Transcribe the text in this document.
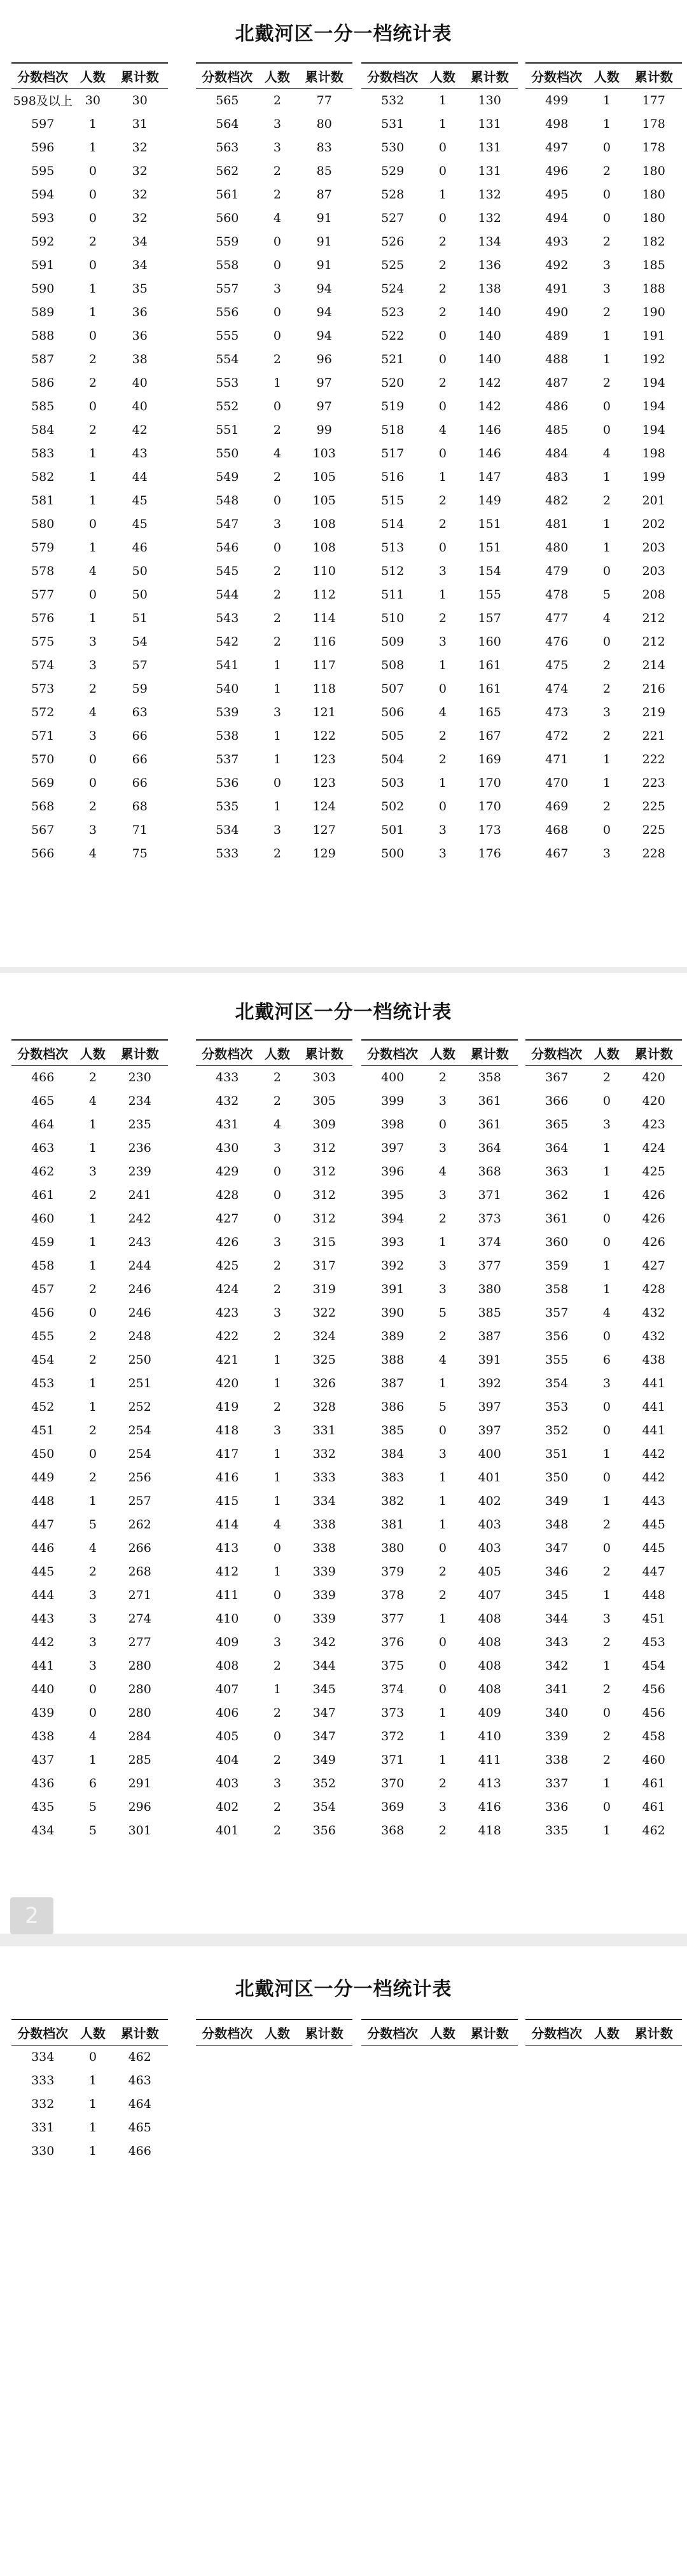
北戴河区一分一档统计表
分数档次	人数	累计数
598及以上	30	30
597	1	31
596	1	32
595	0	32
594	0	32
593	0	32
592	2	34
591	0	34
590	1	35
589	1	36
588	0	36
587	2	38
586	2	40
585	0	40
584	2	42
583	1	43
582	1	44
581	1	45
580	0	45
579	1	46
578	4	50
577	0	50
576	1	51
575	3	54
574	3	57
573	2	59
572	4	63
571	3	66
570	0	66
569	0	66
568	2	68
567	3	71
566	4	75
分数档次	人数	累计数
565	2	77
564	3	80
563	3	83
562	2	85
561	2	87
560	4	91
559	0	91
558	0	91
557	3	94
556	0	94
555	0	94
554	2	96
553	1	97
552	0	97
551	2	99
550	4	103
549	2	105
548	0	105
547	3	108
546	0	108
545	2	110
544	2	112
543	2	114
542	2	116
541	1	117
540	1	118
539	3	121
538	1	122
537	1	123
536	0	123
535	1	124
534	3	127
533	2	129
分数档次	人数	累计数
532	1	130
531	1	131
530	0	131
529	0	131
528	1	132
527	0	132
526	2	134
525	2	136
524	2	138
523	2	140
522	0	140
521	0	140
520	2	142
519	0	142
518	4	146
517	0	146
516	1	147
515	2	149
514	2	151
513	0	151
512	3	154
511	1	155
510	2	157
509	3	160
508	1	161
507	0	161
506	4	165
505	2	167
504	2	169
503	1	170
502	0	170
501	3	173
500	3	176
分数档次	人数	累计数
499	1	177
498	1	178
497	0	178
496	2	180
495	0	180
494	0	180
493	2	182
492	3	185
491	3	188
490	2	190
489	1	191
488	1	192
487	2	194
486	0	194
485	0	194
484	4	198
483	1	199
482	2	201
481	1	202
480	1	203
479	0	203
478	5	208
477	4	212
476	0	212
475	2	214
474	2	216
473	3	219
472	2	221
471	1	222
470	1	223
469	2	225
468	0	225
467	3	228
北戴河区一分一档统计表
分数档次	人数	累计数
466	2	230
465	4	234
464	1	235
463	1	236
462	3	239
461	2	241
460	1	242
459	1	243
458	1	244
457	2	246
456	0	246
455	2	248
454	2	250
453	1	251
452	1	252
451	2	254
450	0	254
449	2	256
448	1	257
447	5	262
446	4	266
445	2	268
444	3	271
443	3	274
442	3	277
441	3	280
440	0	280
439	0	280
438	4	284
437	1	285
436	6	291
435	5	296
434	5	301
分数档次	人数	累计数
433	2	303
432	2	305
431	4	309
430	3	312
429	0	312
428	0	312
427	0	312
426	3	315
425	2	317
424	2	319
423	3	322
422	2	324
421	1	325
420	1	326
419	2	328
418	3	331
417	1	332
416	1	333
415	1	334
414	4	338
413	0	338
412	1	339
411	0	339
410	0	339
409	3	342
408	2	344
407	1	345
406	2	347
405	0	347
404	2	349
403	3	352
402	2	354
401	2	356
分数档次	人数	累计数
400	2	358
399	3	361
398	0	361
397	3	364
396	4	368
395	3	371
394	2	373
393	1	374
392	3	377
391	3	380
390	5	385
389	2	387
388	4	391
387	1	392
386	5	397
385	0	397
384	3	400
383	1	401
382	1	402
381	1	403
380	0	403
379	2	405
378	2	407
377	1	408
376	0	408
375	0	408
374	0	408
373	1	409
372	1	410
371	1	411
370	2	413
369	3	416
368	2	418
分数档次	人数	累计数
367	2	420
366	0	420
365	3	423
364	1	424
363	1	425
362	1	426
361	0	426
360	0	426
359	1	427
358	1	428
357	4	432
356	0	432
355	6	438
354	3	441
353	0	441
352	0	441
351	1	442
350	0	442
349	1	443
348	2	445
347	0	445
346	2	447
345	1	448
344	3	451
343	2	453
342	1	454
341	2	456
340	0	456
339	2	458
338	2	460
337	1	461
336	0	461
335	1	462
2
北戴河区一分一档统计表
分数档次	人数	累计数
334	0	462
333	1	463
332	1	464
331	1	465
330	1	466
分数档次	人数	累计数 分数档次	人数	累计数 分数档次	人数	累计数
